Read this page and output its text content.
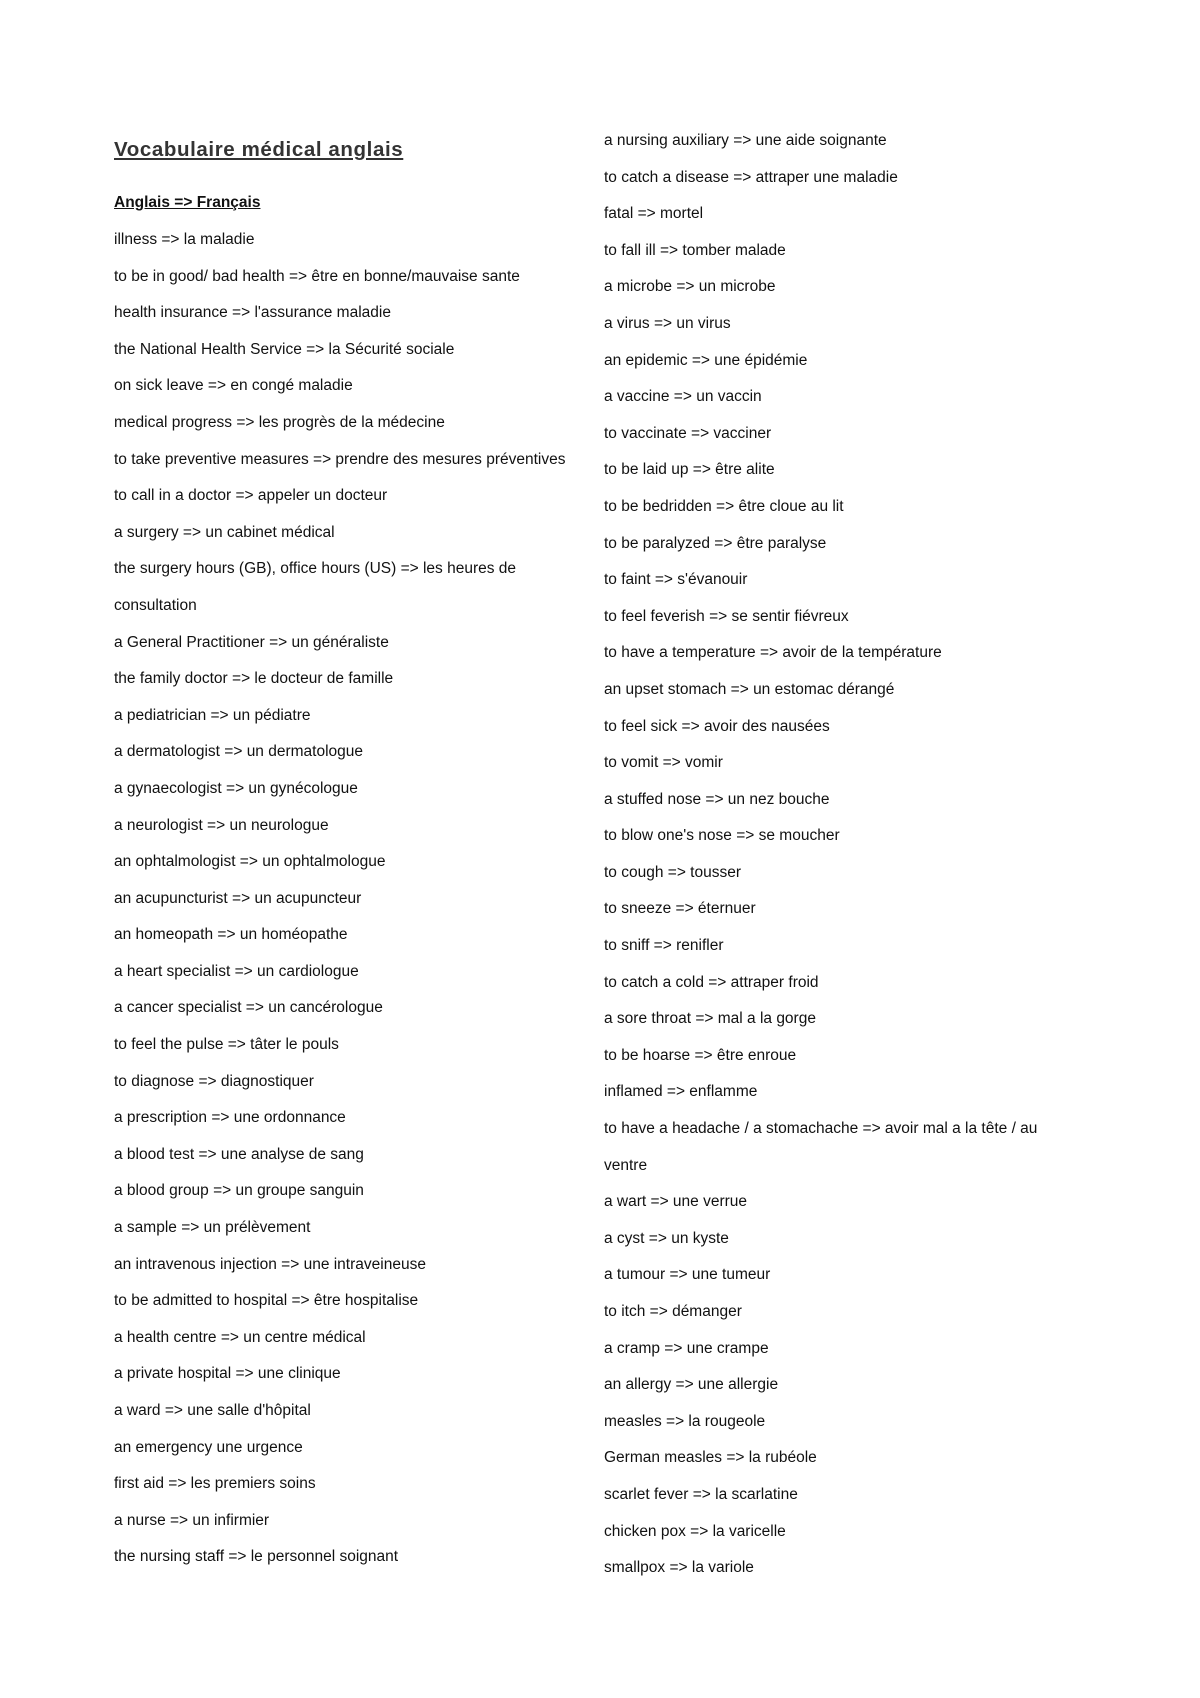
Vocabulaire médical anglais
Anglais => Français
illness => la maladie
to be in good/ bad health => être en bonne/mauvaise sante
health insurance => l'assurance maladie
the National Health Service => la Sécurité sociale
on sick leave => en congé maladie
medical progress => les progrès de la médecine
to take preventive measures => prendre des mesures préventives
to call in a doctor => appeler un docteur
a surgery => un cabinet médical
the surgery hours (GB), office hours (US) => les heures de
consultation
a General Practitioner => un généraliste
the family doctor => le docteur de famille
a pediatrician => un pédiatre
a dermatologist => un dermatologue
a gynaecologist => un gynécologue
a neurologist => un neurologue
an ophtalmologist => un ophtalmologue
an acupuncturist => un acupuncteur
an homeopath => un homéopathe
a heart specialist => un cardiologue
a cancer specialist => un cancérologue
to feel the pulse => tâter le pouls
to diagnose => diagnostiquer
a prescription => une ordonnance
a blood test => une analyse de sang
a blood group => un groupe sanguin
a sample => un prélèvement
an intravenous injection => une intraveineuse
to be admitted to hospital => être hospitalise
a health centre => un centre médical
a private hospital => une clinique
a ward => une salle d'hôpital
an emergency une urgence
first aid => les premiers soins
a nurse => un infirmier
the nursing staff => le personnel soignant
a nursing auxiliary => une aide soignante
to catch a disease => attraper une maladie
fatal => mortel
to fall ill => tomber malade
a microbe => un microbe
a virus => un virus
an epidemic => une épidémie
a vaccine => un vaccin
to vaccinate => vacciner
to be laid up => être alite
to be bedridden => être cloue au lit
to be paralyzed => être paralyse
to faint => s'évanouir
to feel feverish => se sentir fiévreux
to have a temperature => avoir de la température
an upset stomach => un estomac dérangé
to feel sick => avoir des nausées
to vomit => vomir
a stuffed nose => un nez bouche
to blow one's nose => se moucher
to cough => tousser
to sneeze => éternuer
to sniff => renifler
to catch a cold => attraper froid
a sore throat => mal a la gorge
to be hoarse => être enroue
inflamed => enflamme
to have a headache / a stomachache => avoir mal a la tête / au
ventre
a wart => une verrue
a cyst => un kyste
a tumour => une tumeur
to itch => démanger
a cramp => une crampe
an allergy => une allergie
measles => la rougeole
German measles => la rubéole
scarlet fever => la scarlatine
chicken pox => la varicelle
smallpox => la variole
